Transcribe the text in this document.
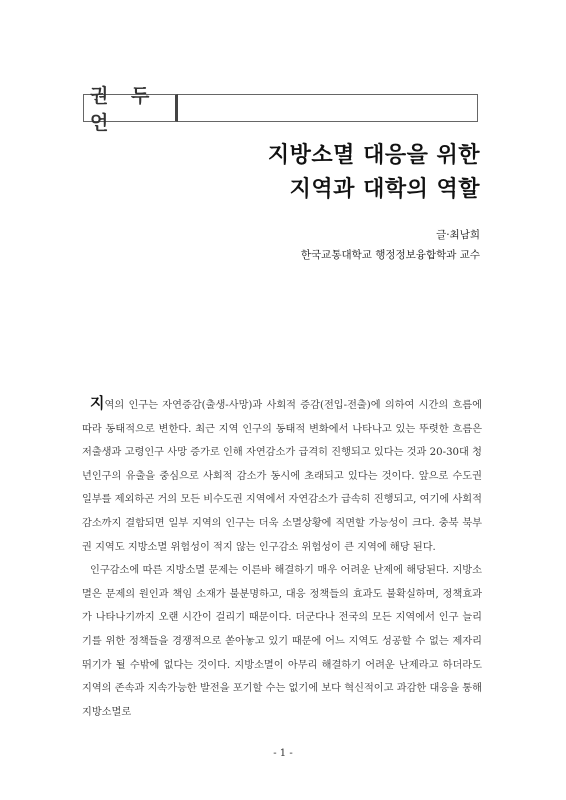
권 두 언
지방소멸 대응을 위한
지역과 대학의 역할
글·최남희
한국교통대학교 행정정보융합학과 교수

지역의 인구는 자연증감(출생-사망)과 사회적 증감(전입-전출)에 의하여 시간의 흐름에 따라 동태적으로 변한다. 최근 지역 인구의 동태적 변화에서 나타나고 있는 뚜렷한 흐름은 저출생과 고령인구 사망 증가로 인해 자연감소가 급격히 진행되고 있다는 것과 20-30대 청년인구의 유출을 중심으로 사회적 감소가 동시에 초래되고 있다는 것이다. 앞으로 수도권 일부를 제외하곤 거의 모든 비수도권 지역에서 자연감소가 급속히 진행되고, 여기에 사회적 감소까지 결합되면 일부 지역의 인구는 더욱 소멸상황에 직면할 가능성이 크다. 충북 북부권 지역도 지방소멸 위험성이 적지 않는 인구감소 위험성이 큰 지역에 해당 된다.

인구감소에 따른 지방소멸 문제는 이른바 해결하기 매우 어려운 난제에 해당된다. 지방소멸은 문제의 원인과 책임 소재가 불분명하고, 대응 정책들의 효과도 불확실하며, 정책효과가 나타나기까지 오랜 시간이 걸리기 때문이다. 더군다나 전국의 모든 지역에서 인구 늘리기를 위한 정책들을 경쟁적으로 쏟아놓고 있기 때문에 어느 지역도 성공할 수 없는 제자리 뛰기가 될 수밖에 없다는 것이다. 지방소멸이 아무리 해결하기 어려운 난제라고 하더라도 지역의 존속과 지속가능한 발전을 포기할 수는 없기에 보다 혁신적이고 과감한 대응을 통해 지방소멸로

- 1 -
